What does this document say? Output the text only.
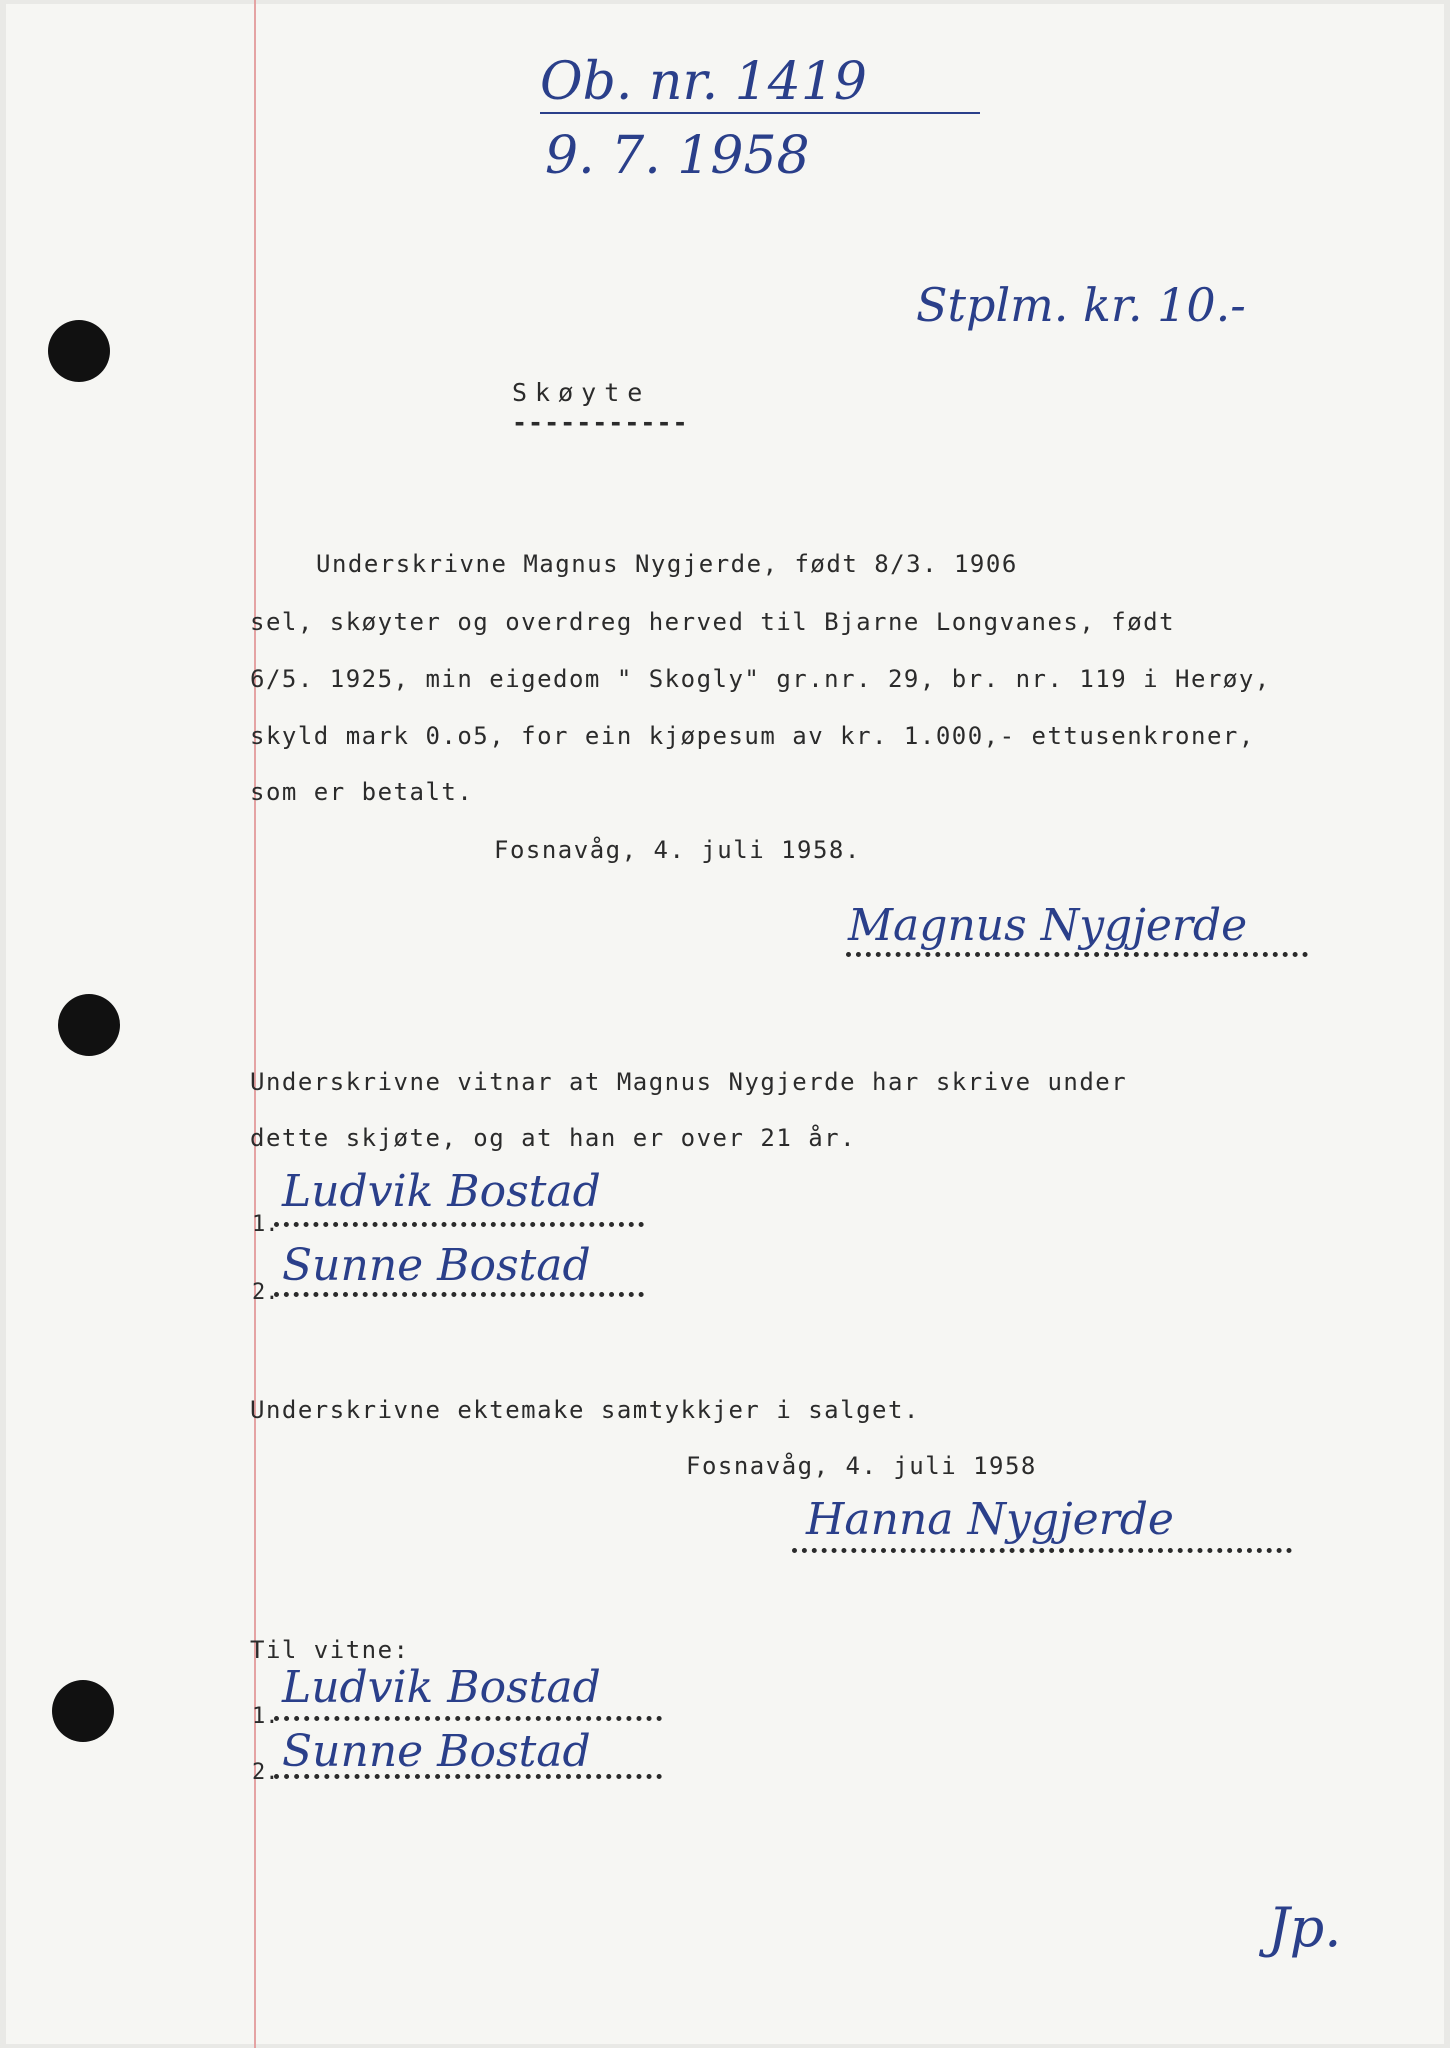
Ob. nr. 1419
9. 7. 1958
Stplm. kr. 10.-
Skøyte
-----------
Underskrivne Magnus Nygjerde, født 8/3. 1906
sel, skøyter og overdreg herved til Bjarne Longvanes, født
6/5. 1925, min eigedom " Skogly" gr.nr. 29, br. nr. 119 i Herøy,
skyld mark 0.o5, for ein kjøpesum av kr. 1.000,- ettusenkroner,
som er betalt.
Fosnavåg, 4. juli 1958.
Magnus Nygjerde
Underskrivne vitnar at Magnus Nygjerde har skrive under
dette skjøte, og at han er over 21 år.
1.
Ludvik Bostad
2.
Sunne Bostad
Underskrivne ektemake samtykkjer i salget.
Fosnavåg, 4. juli 1958
Hanna Nygjerde
Til vitne:
1.
Ludvik Bostad
2. Sunne Bostad
Jp.
